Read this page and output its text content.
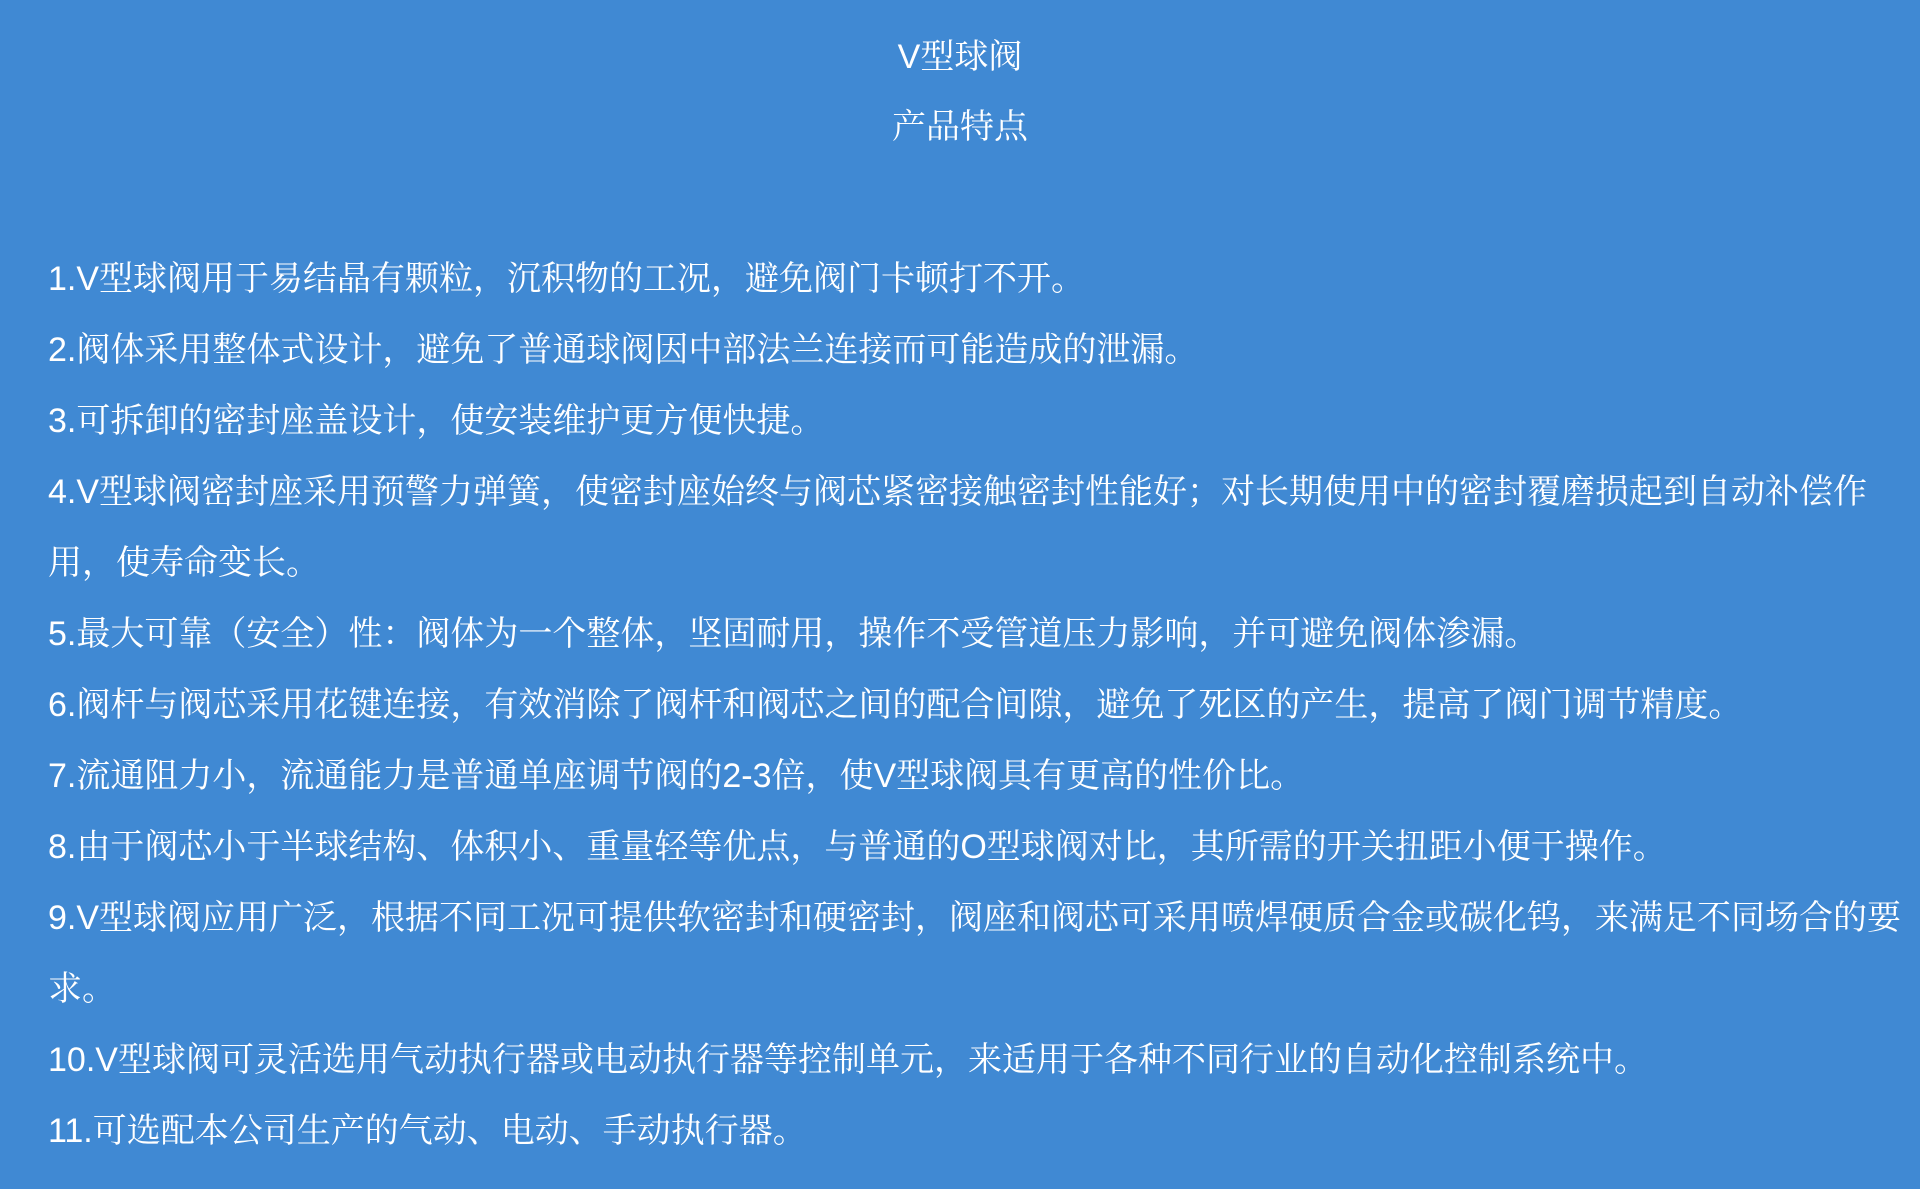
V型球阀
产品特点

1.V型球阀用于易结晶有颗粒，沉积物的工况，避免阀门卡顿打不开。

2.阀体采用整体式设计，避免了普通球阀因中部法兰连接而可能造成的泄漏。

3.可拆卸的密封座盖设计，使安装维护更方便快捷。

4.V型球阀密封座采用预警力弹簧，使密封座始终与阀芯紧密接触密封性能好；对长期使用中的密封覆磨损起到自动补偿作用，使寿命变长。

5.最大可靠（安全）性：阀体为一个整体，坚固耐用，操作不受管道压力影响，并可避免阀体渗漏。

6.阀杆与阀芯采用花键连接，有效消除了阀杆和阀芯之间的配合间隙，避免了死区的产生，提高了阀门调节精度。

7.流通阻力小，流通能力是普通单座调节阀的2-3倍，使V型球阀具有更高的性价比。

8.由于阀芯小于半球结构、体积小、重量轻等优点，与普通的O型球阀对比，其所需的开关扭距小便于操作。

9.V型球阀应用广泛，根据不同工况可提供软密封和硬密封，阀座和阀芯可采用喷焊硬质合金或碳化钨，来满足不同场合的要求。

10.V型球阀可灵活选用气动执行器或电动执行器等控制单元，来适用于各种不同行业的自动化控制系统中。

11.可选配本公司生产的气动、电动、手动执行器。
